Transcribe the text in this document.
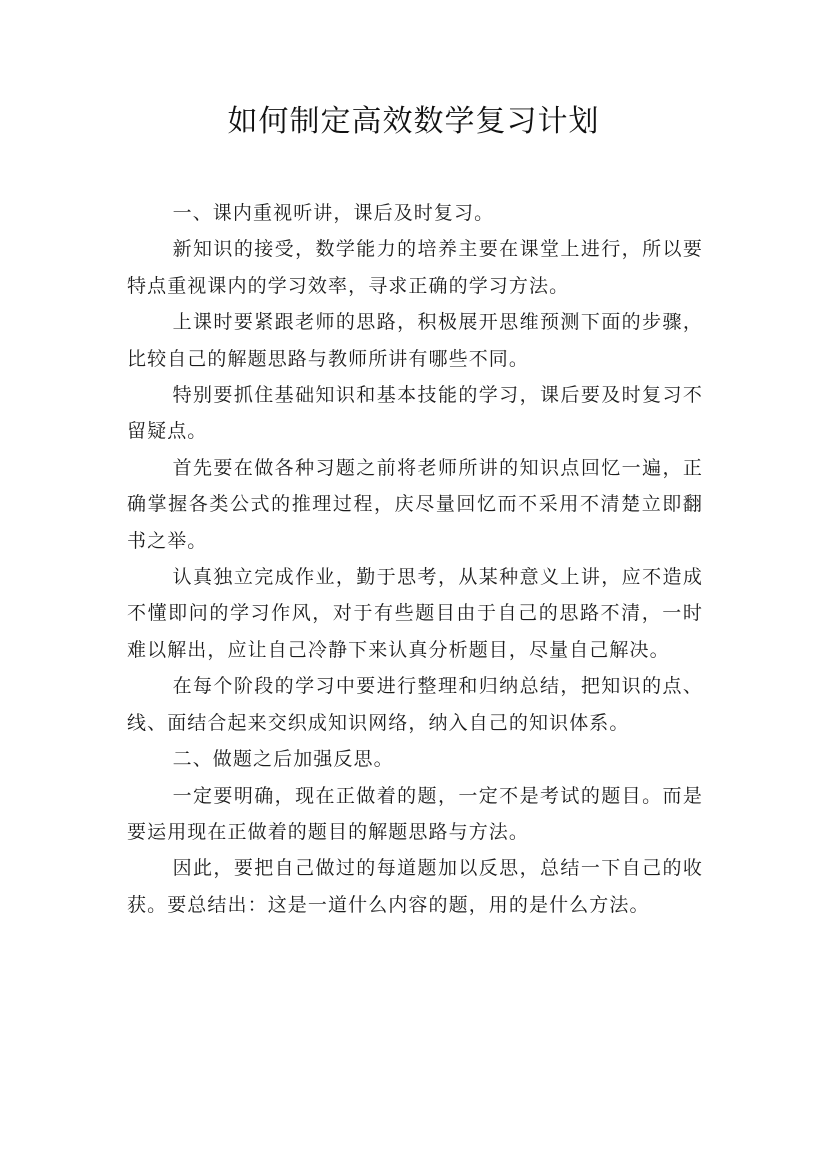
如何制定高效数学复习计划

一、课内重视听讲，课后及时复习。

新知识的接受，数学能力的培养主要在课堂上进行，所以要特点重视课内的学习效率，寻求正确的学习方法。

上课时要紧跟老师的思路，积极展开思维预测下面的步骤，比较自己的解题思路与教师所讲有哪些不同。

特别要抓住基础知识和基本技能的学习，课后要及时复习不留疑点。

首先要在做各种习题之前将老师所讲的知识点回忆一遍，正确掌握各类公式的推理过程，庆尽量回忆而不采用不清楚立即翻书之举。

认真独立完成作业，勤于思考，从某种意义上讲，应不造成不懂即问的学习作风，对于有些题目由于自己的思路不清，一时难以解出，应让自己冷静下来认真分析题目，尽量自己解决。

在每个阶段的学习中要进行整理和归纳总结，把知识的点、线、面结合起来交织成知识网络，纳入自己的知识体系。

二、做题之后加强反思。

一定要明确，现在正做着的题，一定不是考试的题目。而是要运用现在正做着的题目的解题思路与方法。

因此，要把自己做过的每道题加以反思，总结一下自己的收获。要总结出：这是一道什么内容的题，用的是什么方法。
